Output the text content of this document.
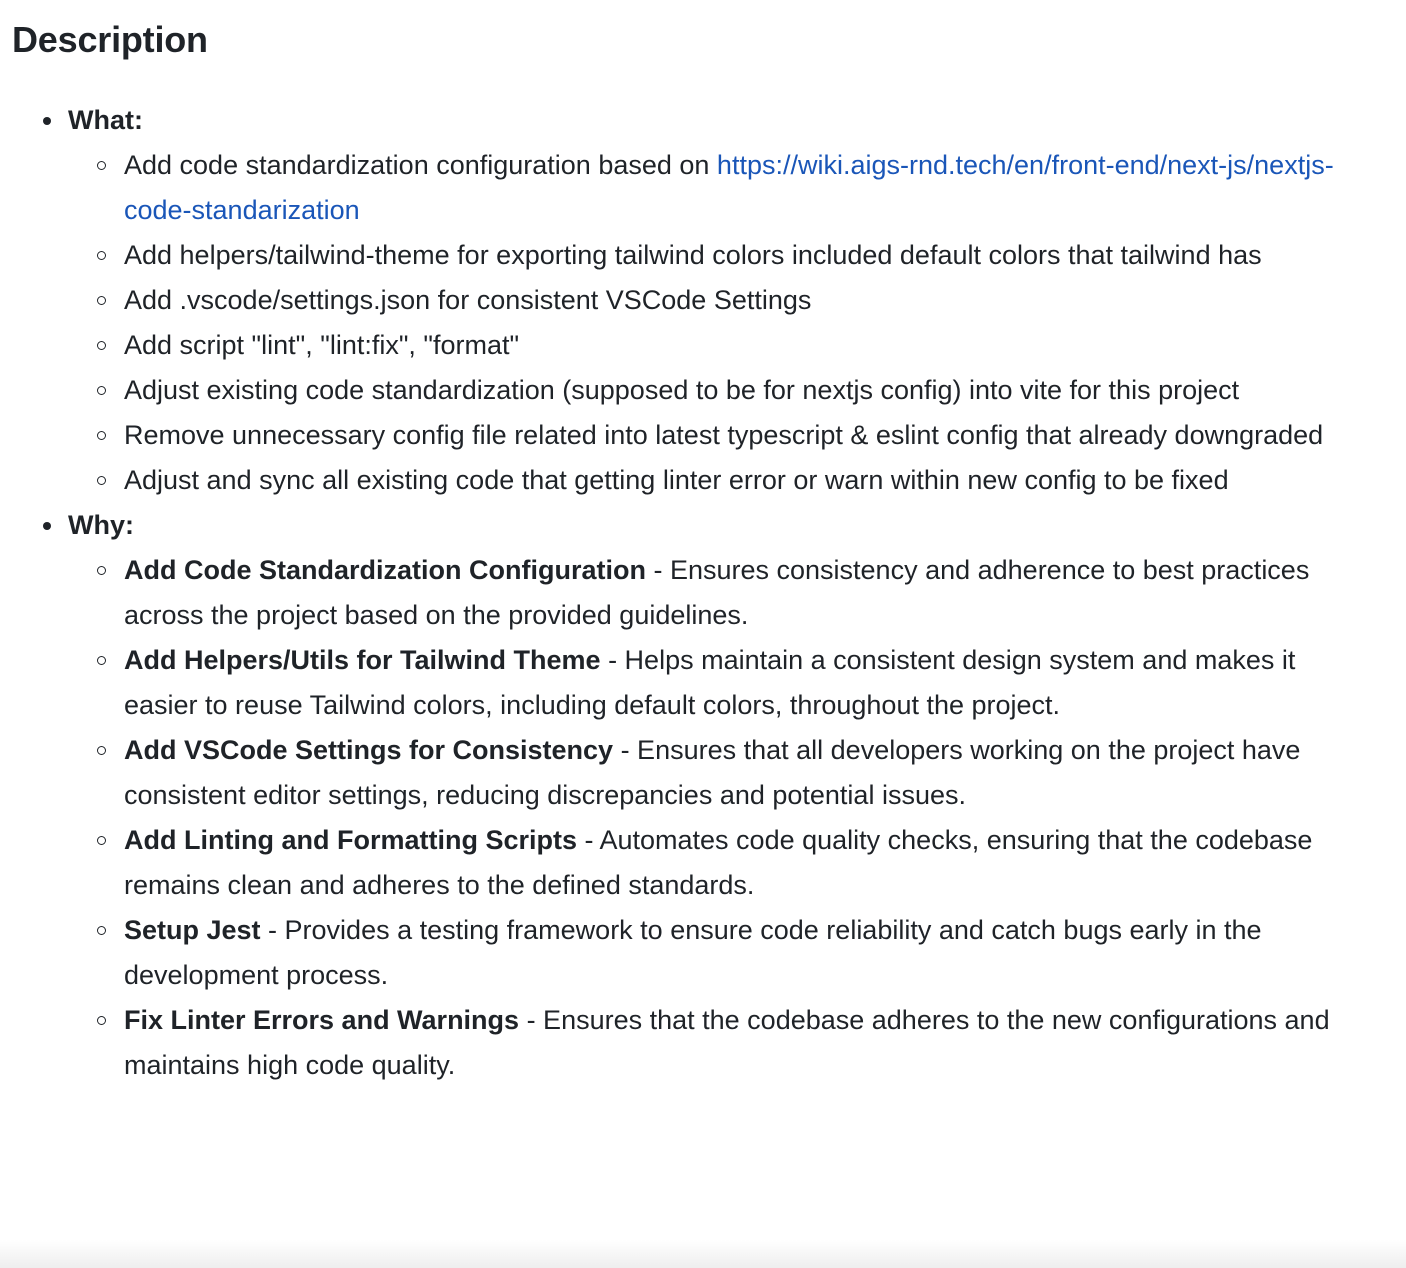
Description
What:
Add code standardization configuration based on https://wiki.aigs-rnd.tech/en/front-end/next-js/nextjs-code-standarization
Add helpers/tailwind-theme for exporting tailwind colors included default colors that tailwind has
Add .vscode/settings.json for consistent VSCode Settings
Add script "lint", "lint:fix", "format"
Adjust existing code standardization (supposed to be for nextjs config) into vite for this project
Remove unnecessary config file related into latest typescript & eslint config that already downgraded
Adjust and sync all existing code that getting linter error or warn within new config to be fixed
Why:
Add Code Standardization Configuration - Ensures consistency and adherence to best practices across the project based on the provided guidelines.
Add Helpers/Utils for Tailwind Theme - Helps maintain a consistent design system and makes it easier to reuse Tailwind colors, including default colors, throughout the project.
Add VSCode Settings for Consistency - Ensures that all developers working on the project have consistent editor settings, reducing discrepancies and potential issues.
Add Linting and Formatting Scripts - Automates code quality checks, ensuring that the codebase remains clean and adheres to the defined standards.
Setup Jest - Provides a testing framework to ensure code reliability and catch bugs early in the development process.
Fix Linter Errors and Warnings - Ensures that the codebase adheres to the new configurations and maintains high code quality.
